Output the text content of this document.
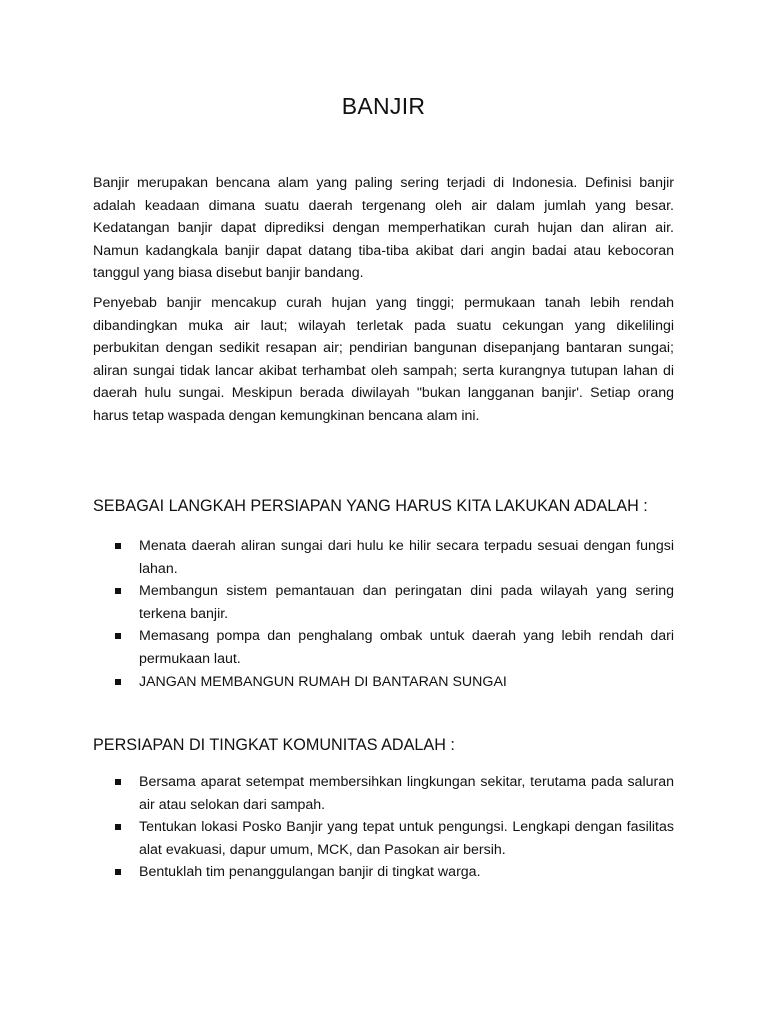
BANJIR

Banjir merupakan bencana alam yang paling sering terjadi di Indonesia. Definisi banjir adalah keadaan dimana suatu daerah tergenang oleh air dalam jumlah yang besar. Kedatangan banjir dapat diprediksi dengan memperhatikan curah hujan dan aliran air. Namun kadangkala banjir dapat datang tiba-tiba akibat dari angin badai atau kebocoran tanggul yang biasa disebut banjir bandang.

Penyebab banjir mencakup curah hujan yang tinggi; permukaan tanah lebih rendah dibandingkan muka air laut; wilayah terletak pada suatu cekungan yang dikelilingi perbukitan dengan sedikit resapan air; pendirian bangunan disepanjang bantaran sungai; aliran sungai tidak lancar akibat terhambat oleh sampah; serta kurangnya tutupan lahan di daerah hulu sungai. Meskipun berada diwilayah "bukan langganan banjir'. Setiap orang harus tetap waspada dengan kemungkinan bencana alam ini.

SEBAGAI LANGKAH PERSIAPAN YANG HARUS KITA LAKUKAN ADALAH :
Menata daerah aliran sungai dari hulu ke hilir secara terpadu sesuai dengan fungsi lahan.
Membangun sistem pemantauan dan peringatan dini pada wilayah yang sering terkena banjir.
Memasang pompa dan penghalang ombak untuk daerah yang lebih rendah dari permukaan laut.
JANGAN MEMBANGUN RUMAH DI BANTARAN SUNGAI
PERSIAPAN DI TINGKAT KOMUNITAS ADALAH :
Bersama aparat setempat membersihkan lingkungan sekitar, terutama pada saluran air atau selokan dari sampah.
Tentukan lokasi Posko Banjir yang tepat untuk pengungsi. Lengkapi dengan fasilitas alat evakuasi, dapur umum, MCK, dan Pasokan air bersih.
Bentuklah tim penanggulangan banjir di tingkat warga.
